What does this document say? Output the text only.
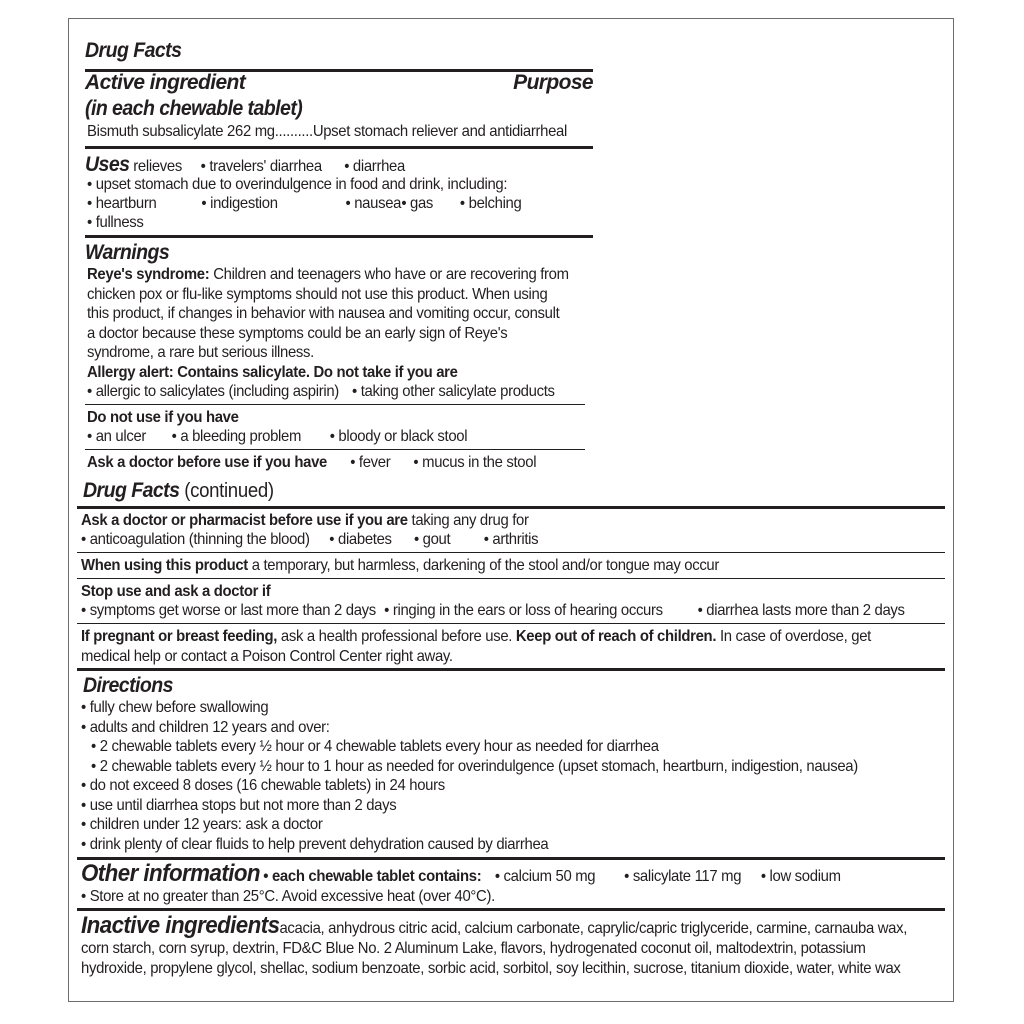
Drug Facts
Active ingredient	Purpose
(in each chewable tablet)
Bismuth subsalicylate 262 mg..........Upset stomach reliever and antidiarrheal
Uses relieves • travelers' diarrhea • diarrhea
• upset stomach due to overindulgence in food and drink, including:
• heartburn	• indigestion	• nausea• gas • belching
• fullness
Warnings
Reye's syndrome: Children and teenagers who have or are recovering from
chicken pox or flu-like symptoms should not use this product. When using
this product, if changes in behavior with nausea and vomiting occur, consult
a doctor because these symptoms could be an early sign of Reye's
syndrome, a rare but serious illness.
Allergy alert: Contains salicylate. Do not take if you are
• allergic to salicylates (including aspirin) • taking other salicylate products
Do not use if you have
• an ulcer • a bleeding problem • bloody or black stool
Ask a doctor before use if you have • fever • mucus in the stool
Drug Facts (continued)
Ask a doctor or pharmacist before use if you are taking any drug for
• anticoagulation (thinning the blood) • diabetes • gout • arthritis
When using this product a temporary, but harmless, darkening of the stool and/or tongue may occur
Stop use and ask a doctor if
• symptoms get worse or last more than 2 days • ringing in the ears or loss of hearing occurs • diarrhea lasts more than 2 days
If pregnant or breast feeding, ask a health professional before use. Keep out of reach of children. In case of overdose, get
medical help or contact a Poison Control Center right away.
Directions
• fully chew before swallowing
• adults and children 12 years and over:
• 2 chewable tablets every ½ hour or 4 chewable tablets every hour as needed for diarrhea
• 2 chewable tablets every ½ hour to 1 hour as needed for overindulgence (upset stomach, heartburn, indigestion, nausea)
• do not exceed 8 doses (16 chewable tablets) in 24 hours
• use until diarrhea stops but not more than 2 days
• children under 12 years: ask a doctor
• drink plenty of clear fluids to help prevent dehydration caused by diarrhea
Other information • each chewable tablet contains: • calcium 50 mg • salicylate 117 mg • low sodium
• Store at no greater than 25°C. Avoid excessive heat (over 40°C).
Inactive ingredientsacacia, anhydrous citric acid, calcium carbonate, caprylic/capric triglyceride, carmine, carnauba wax,
corn starch, corn syrup, dextrin, FD&C Blue No. 2 Aluminum Lake, flavors, hydrogenated coconut oil, maltodextrin, potassium
hydroxide, propylene glycol, shellac, sodium benzoate, sorbic acid, sorbitol, soy lecithin, sucrose, titanium dioxide, water, white wax
